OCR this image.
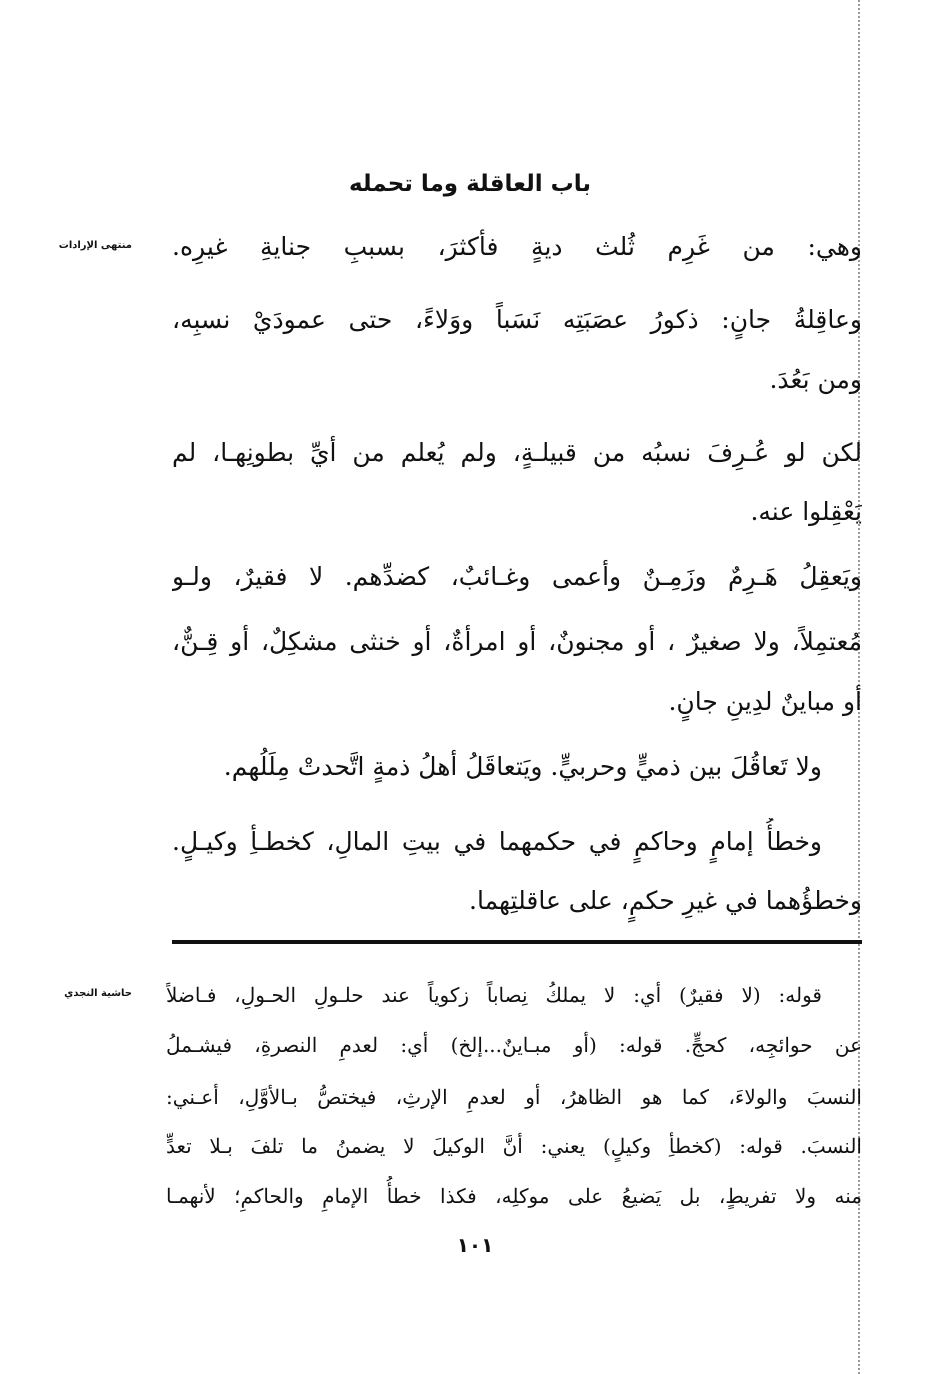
باب العاقلة وما تحمله
منتهى الإرادات وهي: من غَرِم ثُلث ديةٍ فأكثرَ، بسببِ جنايةِ غيرِه.
وعاقِلةُ جانٍ: ذكورُ عصَبَتِه نَسَباً ووَلاءً، حتى عمودَيْ نسبِه،
ومن بَعُدَ.
لكن لو عُـرِفَ نسبُه من قبيلـةٍ، ولم يُعلم من أيِّ بطونِهـا، لم
يَعْقِلوا عنه.
ويَعقِلُ هَـرِمٌ وزَمِـنٌ وأعمى وغـائبٌ، كضدِّهم. لا فقيرٌ، ولـو
مُعتمِلاً، ولا صغيرٌ ، أو مجنونٌ، أو امرأةٌ، أو خنثى مشكِلٌ، أو قِـنٌّ،
أو مباينٌ لدِينِ جانٍ.
ولا تَعاقُلَ بين ذميٍّ وحربيٍّ. ويَتعاقَلُ أهلُ ذمةٍ اتَّحدتْ مِلَلُهم.
وخطأُ إمامٍ وحاكمٍ في حكمهما في بيتِ المالِ، كخطـأِ وكيـلٍ.
وخطؤُهما في غيرِ حكمٍ، على عاقلتِهما.
حاشية النجدي قوله: (لا فقيرٌ) أي: لا يملكُ نِصاباً زكوياً عند حلـولِ الحـولِ، فـاضلاً
عن حوائجِه، كحجٍّ. قوله: (أو مبـاينٌ...إلخ) أي: لعدمِ النصرةِ، فيشـملُ
النسبَ والولاءَ، كما هو الظاهرُ، أو لعدمِ الإرثِ، فيختصُّ بـالأوَّلِ، أعـني:
النسبَ. قوله: (كخطأِ وكيلٍ) يعني: أنَّ الوكيلَ لا يضمنُ ما تلفَ بـلا تعدٍّ
منه ولا تفريطٍ، بل يَضيعُ على موكلِه، فكذا خطأُ الإمامِ والحاكمِ؛ لأنهمـا
١٠١
